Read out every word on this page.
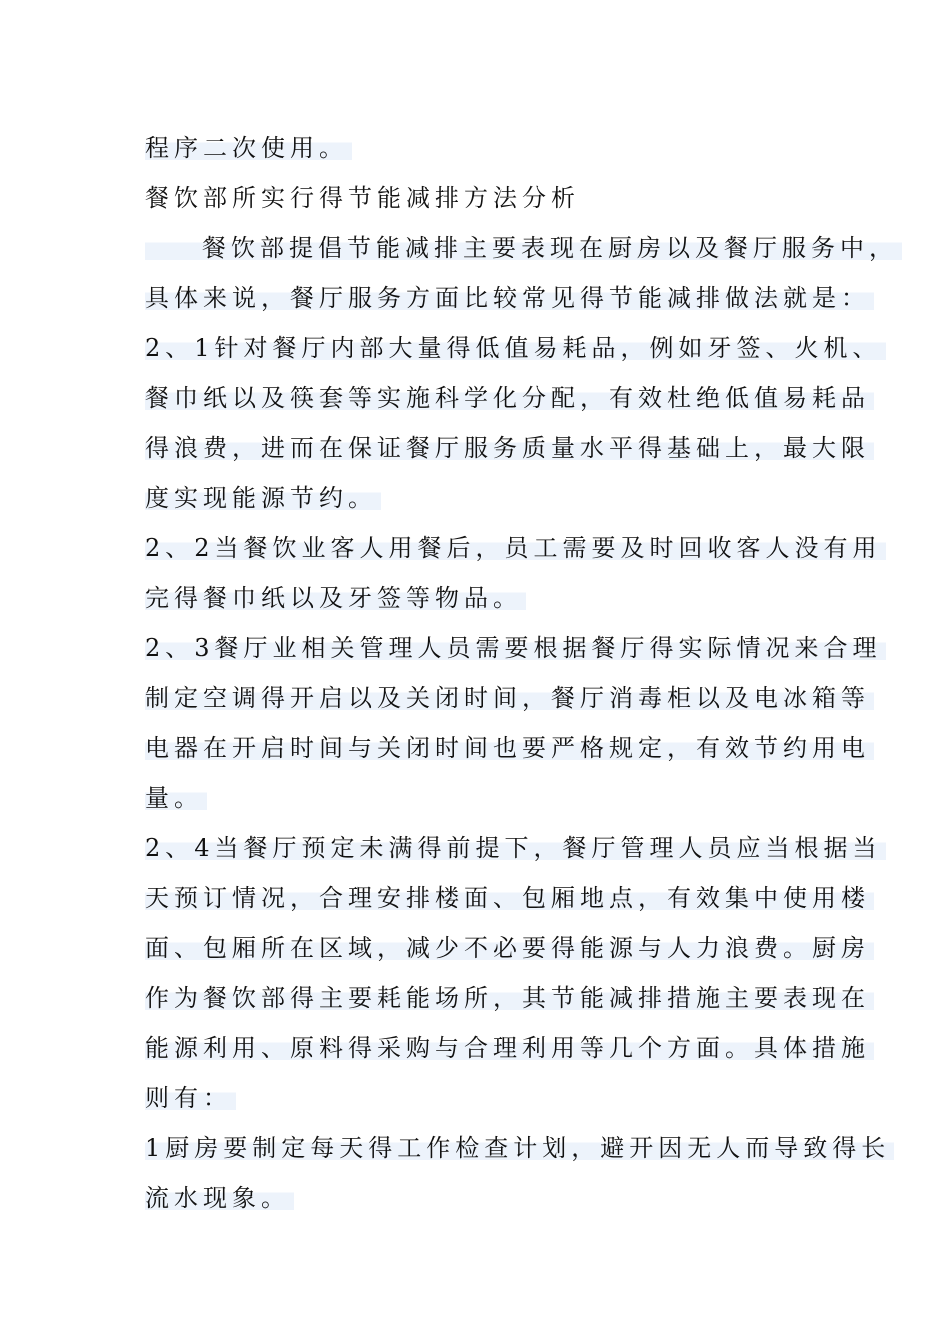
程序二次使用。
餐饮部所实行得节能减排方法分析
餐饮部提倡节能减排主要表现在厨房以及餐厅服务中，
具体来说，餐厅服务方面比较常见得节能减排做法就是：
2、1针对餐厅内部大量得低值易耗品，例如牙签、火机、
餐巾纸以及筷套等实施科学化分配，有效杜绝低值易耗品
得浪费，进而在保证餐厅服务质量水平得基础上，最大限
度实现能源节约。
2、2当餐饮业客人用餐后，员工需要及时回收客人没有用
完得餐巾纸以及牙签等物品。
2、3餐厅业相关管理人员需要根据餐厅得实际情况来合理
制定空调得开启以及关闭时间，餐厅消毒柜以及电冰箱等
电器在开启时间与关闭时间也要严格规定，有效节约用电
量。
2、4当餐厅预定未满得前提下，餐厅管理人员应当根据当
天预订情况，合理安排楼面、包厢地点，有效集中使用楼
面、包厢所在区域，减少不必要得能源与人力浪费。厨房
作为餐饮部得主要耗能场所，其节能减排措施主要表现在
能源利用、原料得采购与合理利用等几个方面。具体措施
则有：
1厨房要制定每天得工作检查计划，避开因无人而导致得长
流水现象。
